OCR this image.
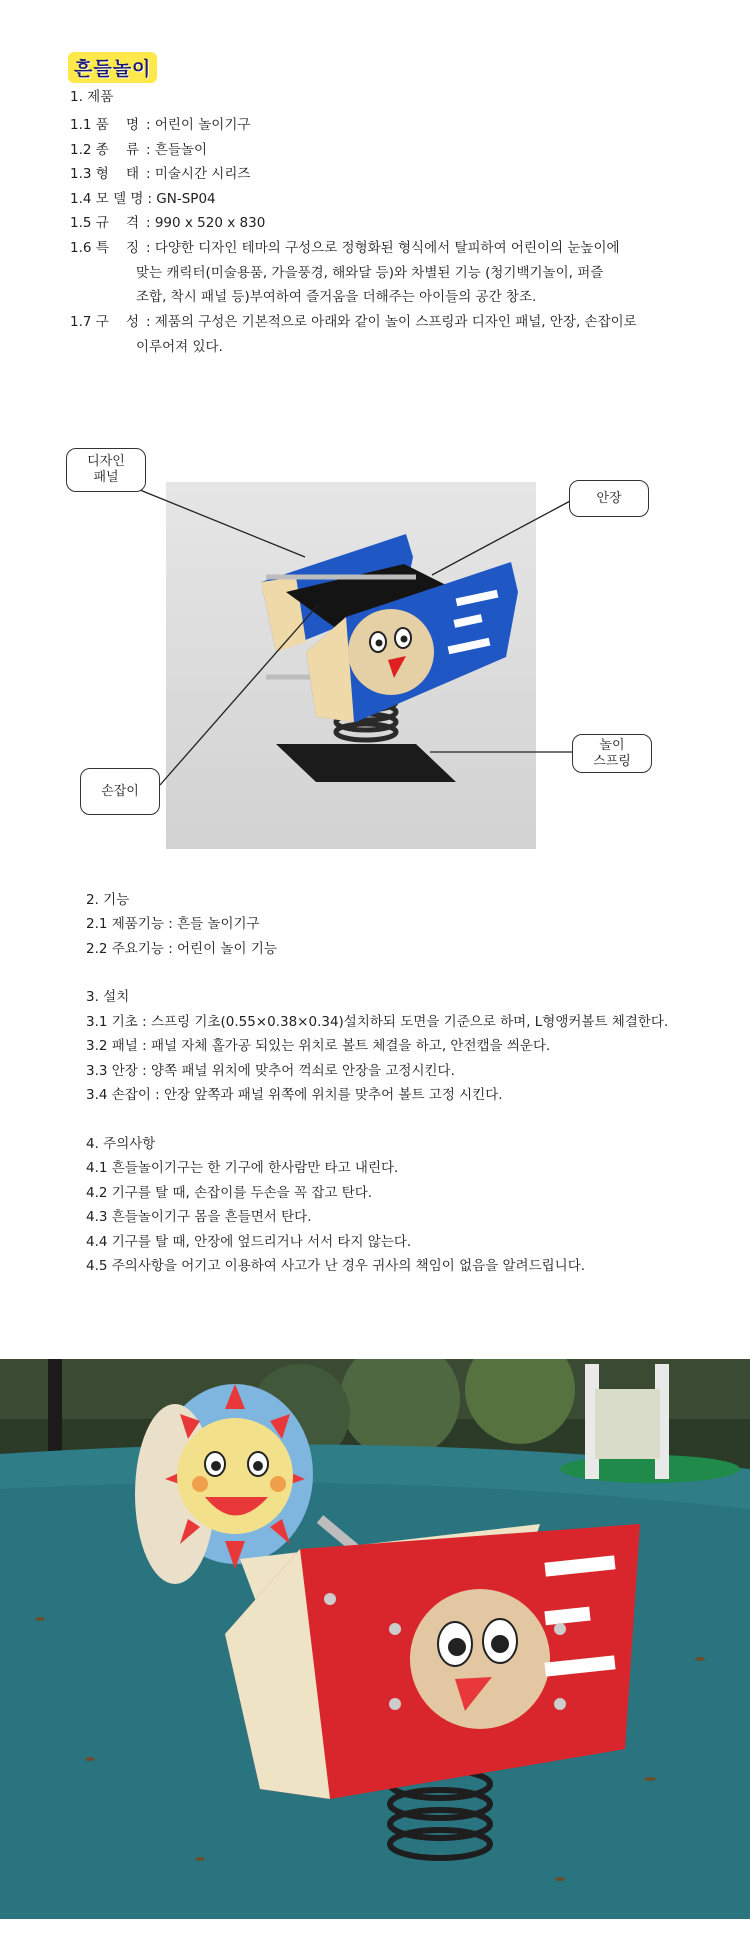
흔들놀이
1. 제품
1.1 품 명 : 어린이 놀이기구
1.2 종 류 : 흔들놀이
1.3 형 태 : 미술시간 시리즈
1.4 모 델 명 : GN-SP04
1.5 규 격 : 990 x 520 x 830
1.6 특 징 : 다양한 디자인 테마의 구성으로 정형화된 형식에서 탈피하여 어린이의 눈높이에
맞는 캐릭터(미술용품, 가을풍경, 해와달 등)와 차별된 기능 (청기백기놀이, 퍼즐
조합, 착시 패널 등)부여하여 즐거움을 더해주는 아이들의 공간 창조.
1.7 구 성 : 제품의 구성은 기본적으로 아래와 같이 놀이 스프링과 디자인 패널, 안장, 손잡이로
이루어져 있다.
디자인
패널
안장
놀이
스프링
손잡이
2. 기능
2.1 제품기능 : 흔들 놀이기구
2.2 주요기능 : 어린이 놀이 기능
3. 설치
3.1 기초 : 스프링 기초(0.55×0.38×0.34)설치하되 도면을 기준으로 하며, L형앵커볼트 체결한다.
3.2 패널 : 패널 자체 홀가공 되있는 위치로 볼트 체결을 하고, 안전캡을 씌운다.
3.3 안장 : 양쪽 패널 위치에 맞추어 꺽쇠로 안장을 고정시킨다.
3.4 손잡이 : 안장 앞쪽과 패널 위쪽에 위치를 맞추어 볼트 고정 시킨다.
4. 주의사항
4.1 흔들놀이기구는 한 기구에 한사람만 타고 내린다.
4.2 기구를 탈 때, 손잡이를 두손을 꼭 잡고 탄다.
4.3 흔들놀이기구 몸을 흔들면서 탄다.
4.4 기구를 탈 때, 안장에 엎드리거나 서서 타지 않는다.
4.5 주의사항을 어기고 이용하여 사고가 난 경우 귀사의 책임이 없음을 알려드립니다.
